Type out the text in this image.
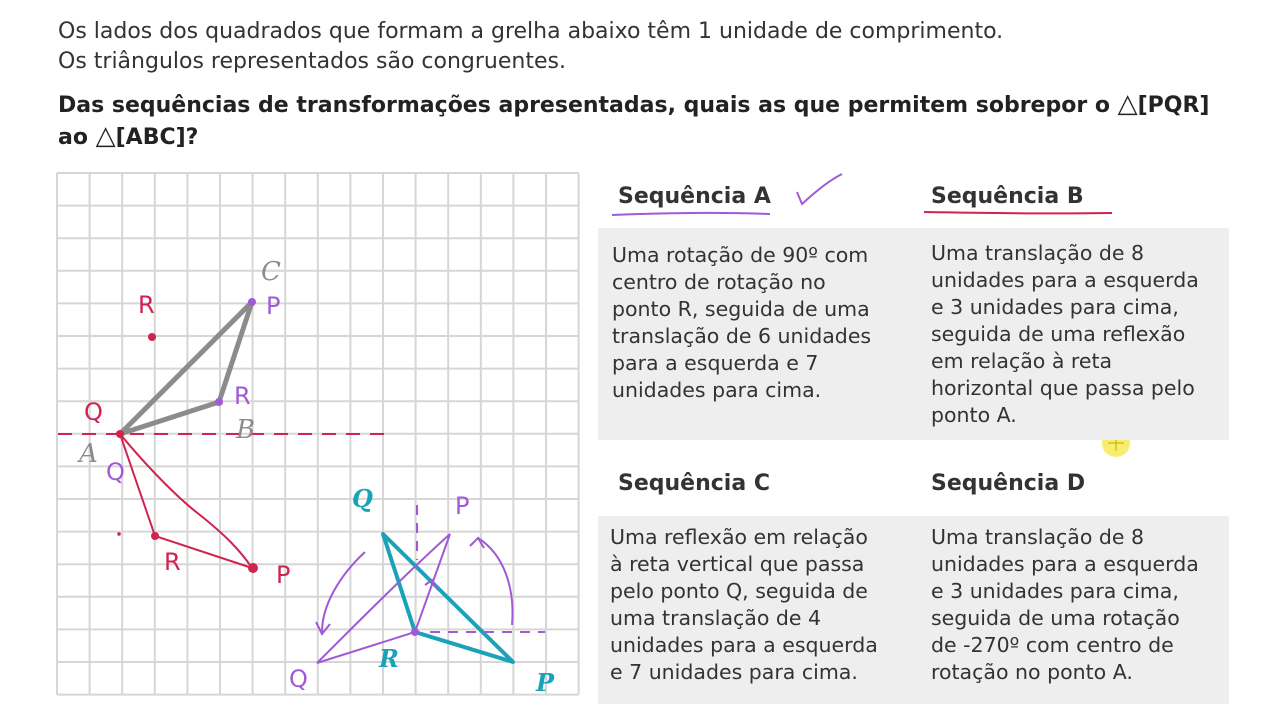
Os lados dos quadrados que formam a grelha abaixo têm 1 unidade de comprimento.
Os triângulos representados são congruentes.
Das sequências de transformações apresentadas, quais as que permitem sobrepor o △[PQR] ao △[ABC]?
C
B
A
R
Q
R	P
P
R
Q
P
Q
Q
R
P
Sequência A	Sequência B
Sequência C	Sequência D
Uma rotação de 90º com
centro de rotação no
ponto R, seguida de uma
translação de 6 unidades
para a esquerda e 7
unidades para cima.
Uma translação de 8
unidades para a esquerda
e 3 unidades para cima,
seguida de uma reflexão
em relação à reta
horizontal que passa pelo
ponto A.
Uma reflexão em relação
à reta vertical que passa
pelo ponto Q, seguida de
uma translação de 4
unidades para a esquerda
e 7 unidades para cima.
Uma translação de 8
unidades para a esquerda
e 3 unidades para cima,
seguida de uma rotação
de -270º com centro de
rotação no ponto A.
